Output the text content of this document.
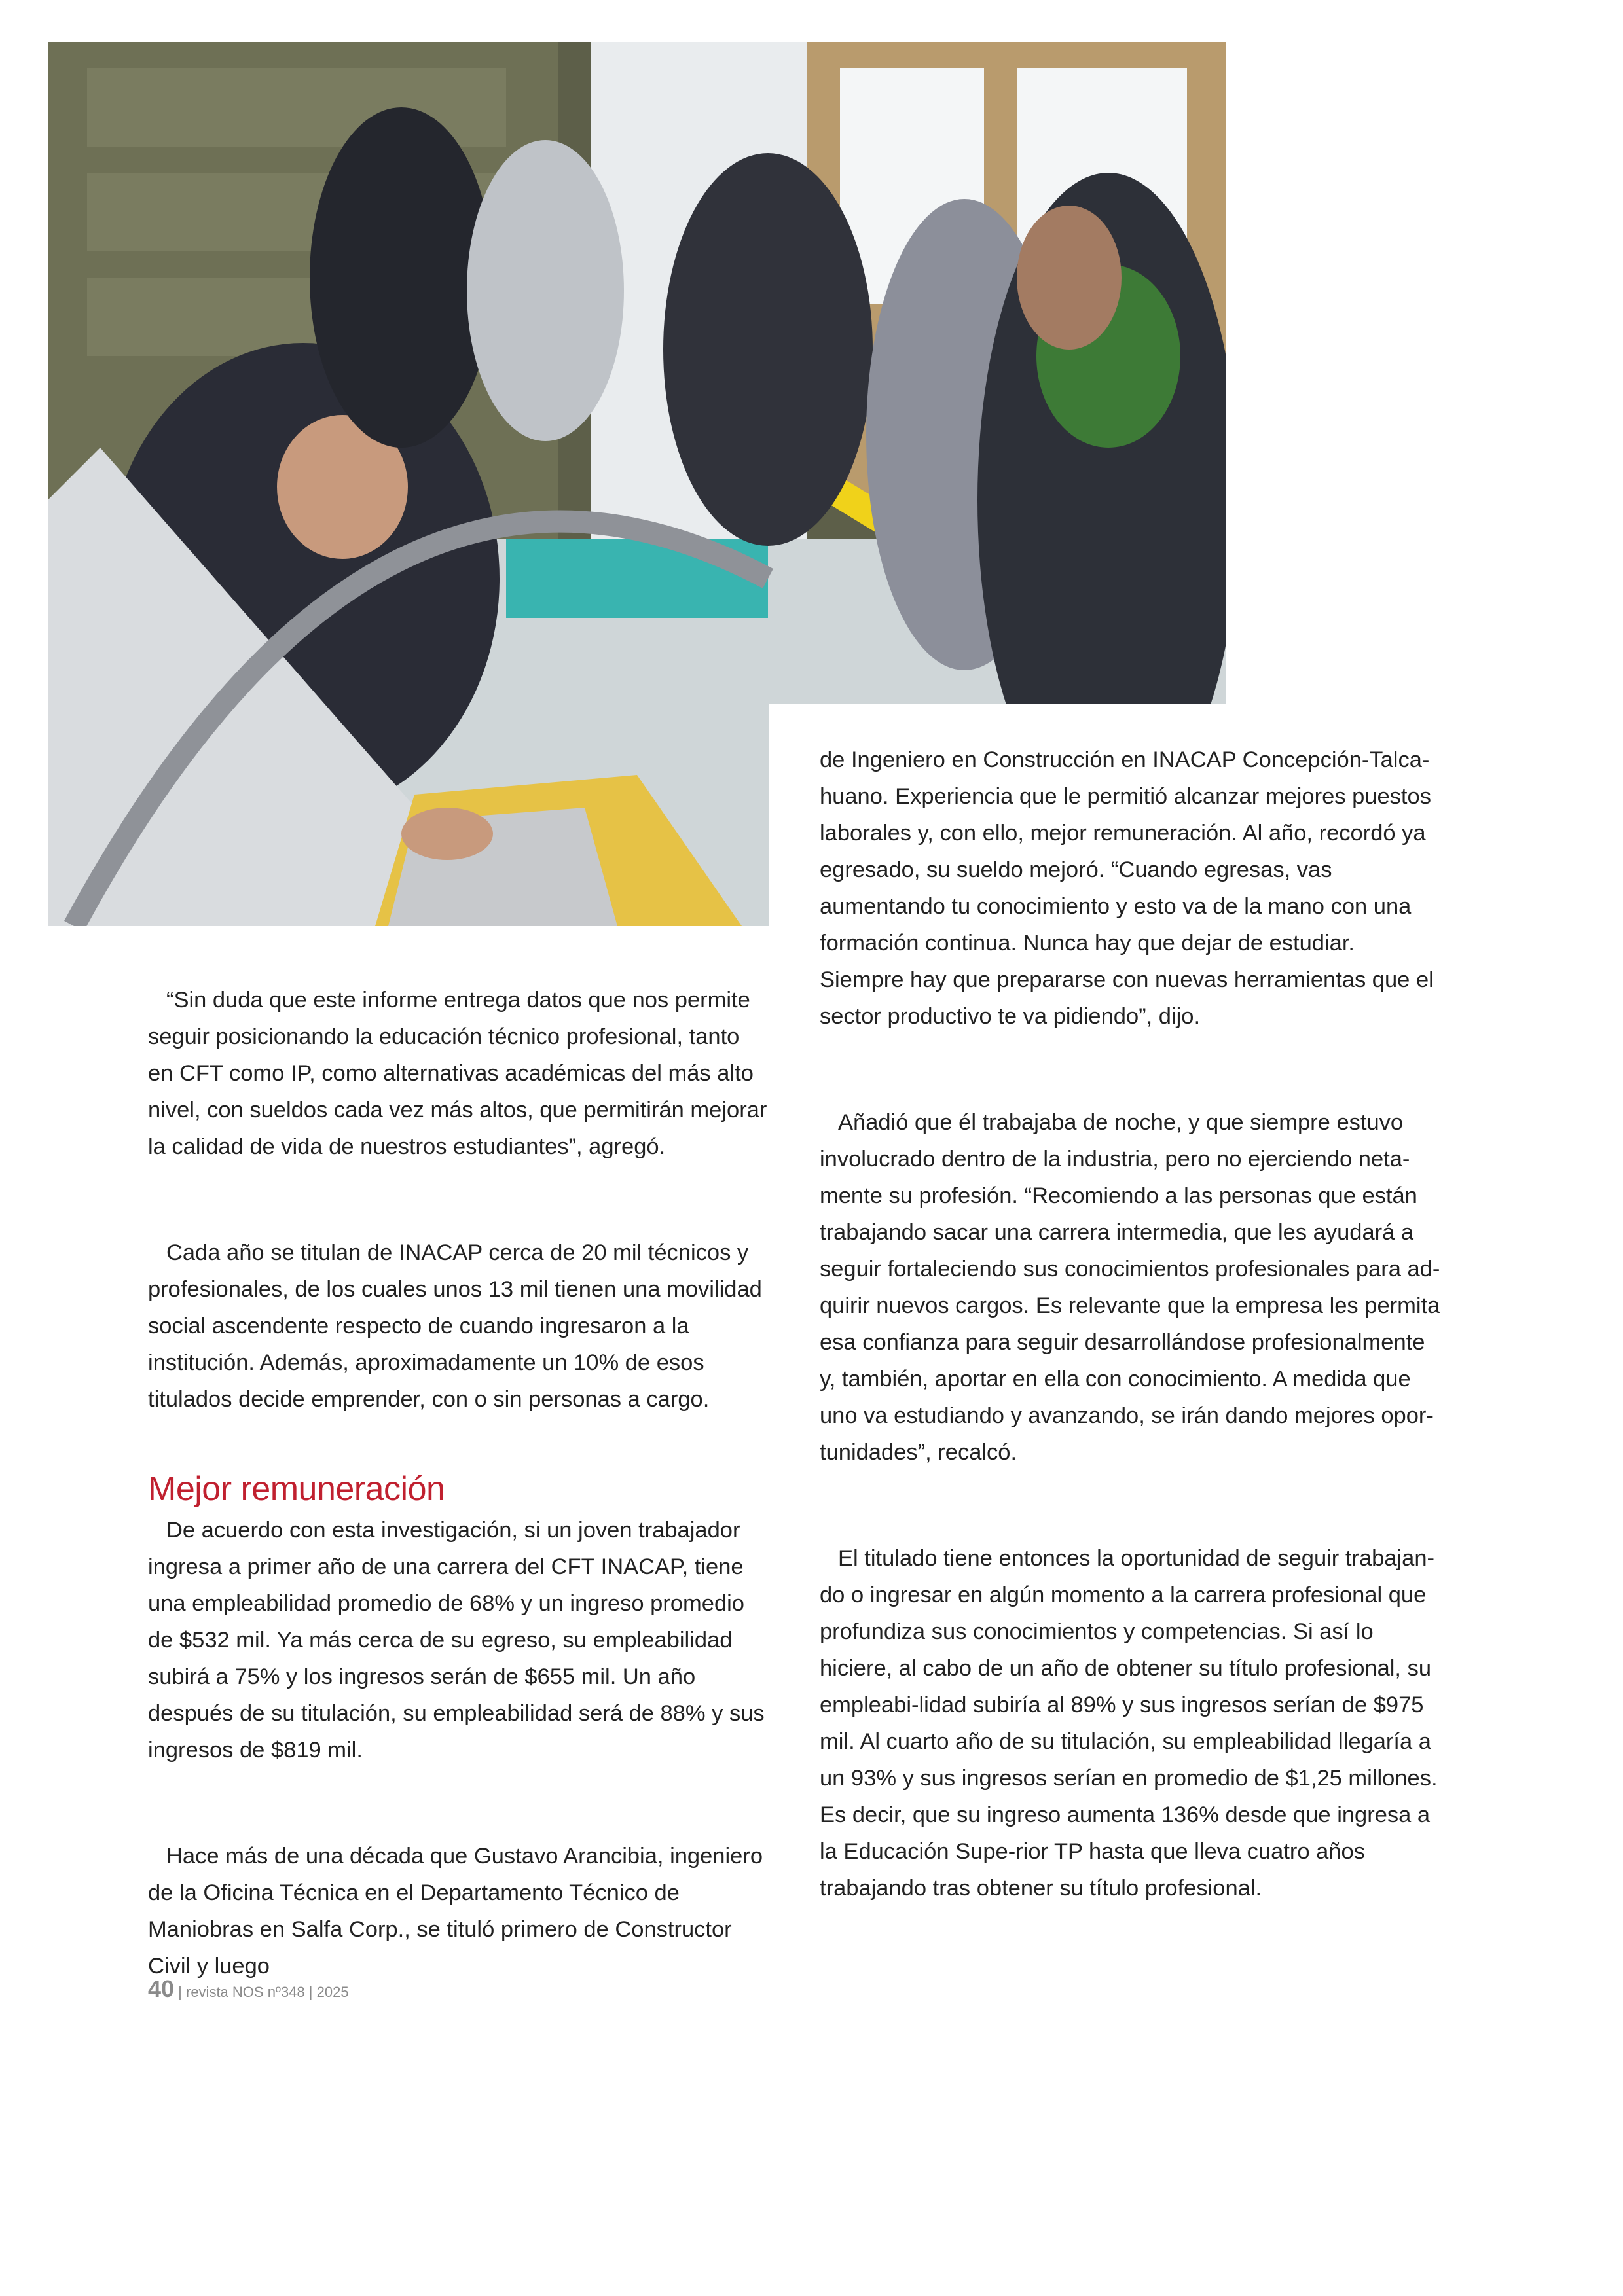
de Ingeniero en Construcción en INACAP Concepción-Talca-huano. Experiencia que le permitió alcanzar mejores puestos laborales y, con ello, mejor remuneración. Al año, recordó ya egresado, su sueldo mejoró. “Cuando egresas, vas aumentando tu conocimiento y esto va de la mano con una formación continua. Nunca hay que dejar de estudiar. Siempre hay que prepararse con nuevas herramientas que el sector productivo te va pidiendo”, dijo.

Añadió que él trabajaba de noche, y que siempre estuvo involucrado dentro de la industria, pero no ejerciendo neta-mente su profesión. “Recomiendo a las personas que están trabajando sacar una carrera intermedia, que les ayudará a seguir fortaleciendo sus conocimientos profesionales para ad-quirir nuevos cargos. Es relevante que la empresa les permita esa confianza para seguir desarrollándose profesionalmente y, también, aportar en ella con conocimiento. A medida que uno va estudiando y avanzando, se irán dando mejores opor-tunidades”, recalcó.

El titulado tiene entonces la oportunidad de seguir trabajan-do o ingresar en algún momento a la carrera profesional que profundiza sus conocimientos y competencias. Si así lo hiciere, al cabo de un año de obtener su título profesional, su empleabi-lidad subiría al 89% y sus ingresos serían de $975 mil. Al cuarto año de su titulación, su empleabilidad llegaría a un 93% y sus ingresos serían en promedio de $1,25 millones. Es decir, que su ingreso aumenta 136% desde que ingresa a la Educación Supe-rior TP hasta que lleva cuatro años trabajando tras obtener su título profesional.

“Sin duda que este informe entrega datos que nos permite seguir posicionando la educación técnico profesional, tanto en CFT como IP, como alternativas académicas del más alto nivel, con sueldos cada vez más altos, que permitirán mejorar la calidad de vida de nuestros estudiantes”, agregó.

Cada año se titulan de INACAP cerca de 20 mil técnicos y profesionales, de los cuales unos 13 mil tienen una movilidad social ascendente respecto de cuando ingresaron a la institución. Además, aproximadamente un 10% de esos titulados decide emprender, con o sin personas a cargo.

Mejor remuneración

De acuerdo con esta investigación, si un joven trabajador ingresa a primer año de una carrera del CFT INACAP, tiene una empleabilidad promedio de 68% y un ingreso promedio de $532 mil. Ya más cerca de su egreso, su empleabilidad subirá a 75% y los ingresos serán de $655 mil. Un año después de su titulación, su empleabilidad será de 88% y sus ingresos de $819 mil.

Hace más de una década que Gustavo Arancibia, ingeniero de la Oficina Técnica en el Departamento Técnico de Maniobras en Salfa Corp., se tituló primero de Constructor Civil y luego

40 | revista NOS nº348 | 2025
